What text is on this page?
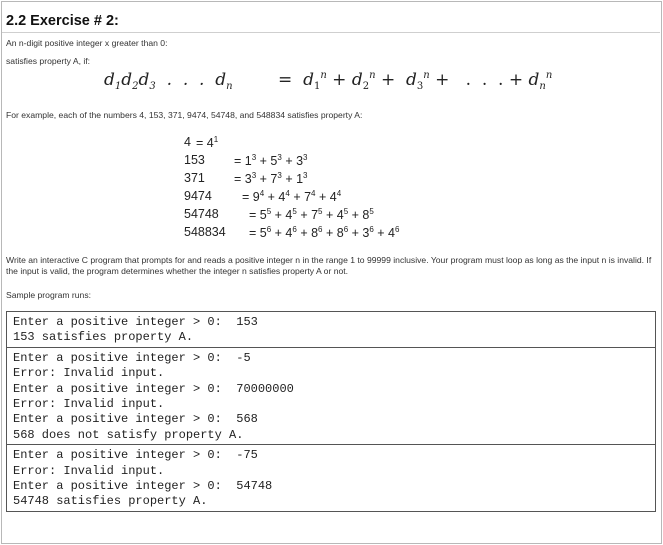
2.2 Exercise # 2:
An n-digit positive integer x greater than 0:
satisfies property A, if:
$d_1d_2d_3$  .  .  .  $d_n$	=  $d_1^n + d_2^n + d_3^n$ +   .  .  . + $d_n^n$
For example, each of the numbers 4, 153, 371, 9474, 54748, and 548834 satisfies property A:
$4 = 4^1$
$153 = 1^3 + 5^3 + 3^3$
$371 = 3^3 + 7^3 + 1^3$
$9474 = 9^4 + 4^4 + 7^4 + 4^4$
$54748 = 5^5 + 4^5 + 7^5 + 4^5 + 8^5$
$548834 = 5^6 + 4^6 + 8^6 + 8^6 + 3^6 + 4^6$
Write an interactive C program that prompts for and reads a positive integer n in the range 1 to 99999 inclusive. Your program must loop as long as the input n is invalid. If the input is valid, the program determines whether the integer n satisfies property A or not.
Sample program runs:
Enter a positive integer > 0:  153
153 satisfies property A.
Enter a positive integer > 0:  -5
Error: Invalid input.
Enter a positive integer > 0:  70000000
Error: Invalid input.
Enter a positive integer > 0:  568
568 does not satisfy property A.
Enter a positive integer > 0:  -75
Error: Invalid input.
Enter a positive integer > 0:  54748
54748 satisfies property A.
